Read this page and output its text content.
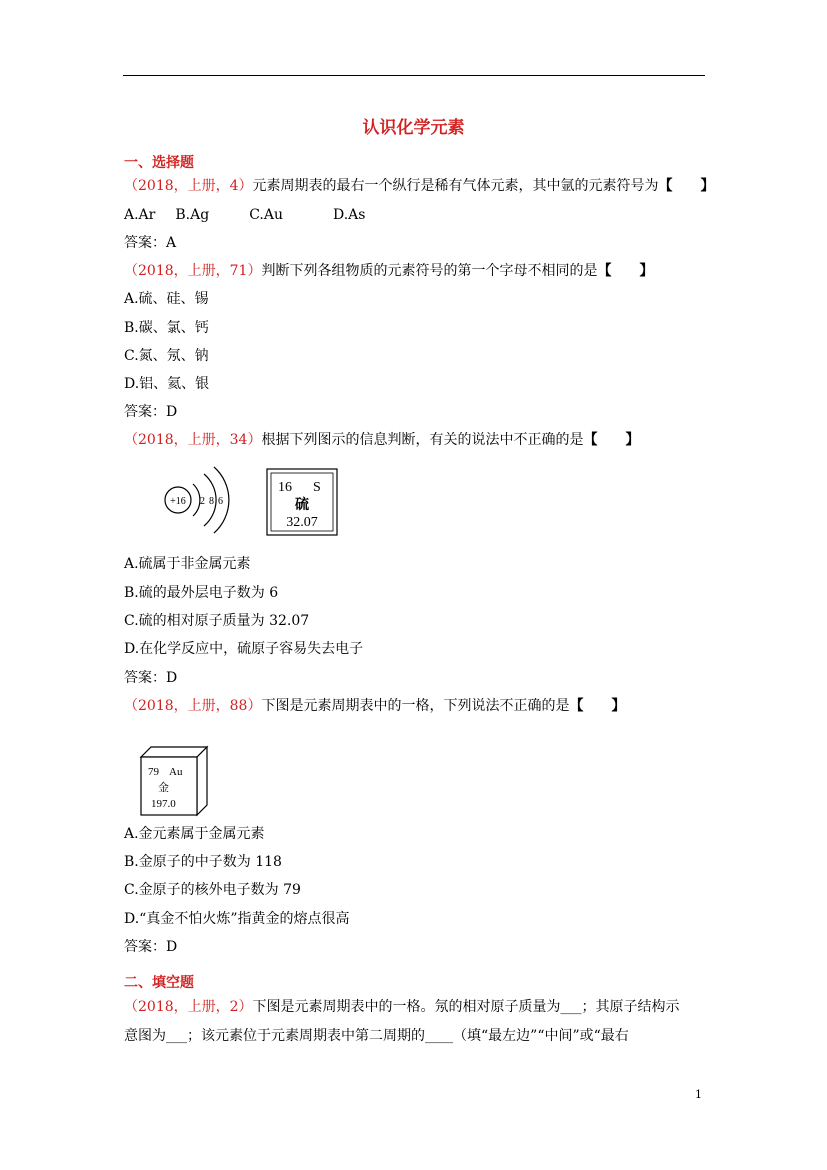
认识化学元素
一、选择题
（2018，上册，4）元素周期表的最右一个纵行是稀有气体元素，其中氩的元素符号为【　　】
A.Ar B.Ag	C.Au	D.As
答案：A
（2018，上册，71）判断下列各组物质的元素符号的第一个字母不相同的是【　　】
A.硫、硅、锡
B.碳、氯、钙
C.氮、氖、钠
D.铝、氦、银
答案：D
（2018，上册，34）根据下列图示的信息判断，有关的说法中不正确的是【　　】
+16 2 8 6
16 S
硫
32.07
A.硫属于非金属元素
B.硫的最外层电子数为 6
C.硫的相对原子质量为 32.07
D.在化学反应中，硫原子容易失去电子
答案：D
（2018，上册，88）下图是元素周期表中的一格，下列说法不正确的是【　　】
79 Au
金
197.0
A.金元素属于金属元素
B.金原子的中子数为 118
C.金原子的核外电子数为 79
D.“真金不怕火炼”指黄金的熔点很高
答案：D
二、填空题
（2018，上册，2）下图是元素周期表中的一格。氖的相对原子质量为___；其原子结构示
意图为___；该元素位于元素周期表中第二周期的____（填“最左边”“中间”或“最右
1
